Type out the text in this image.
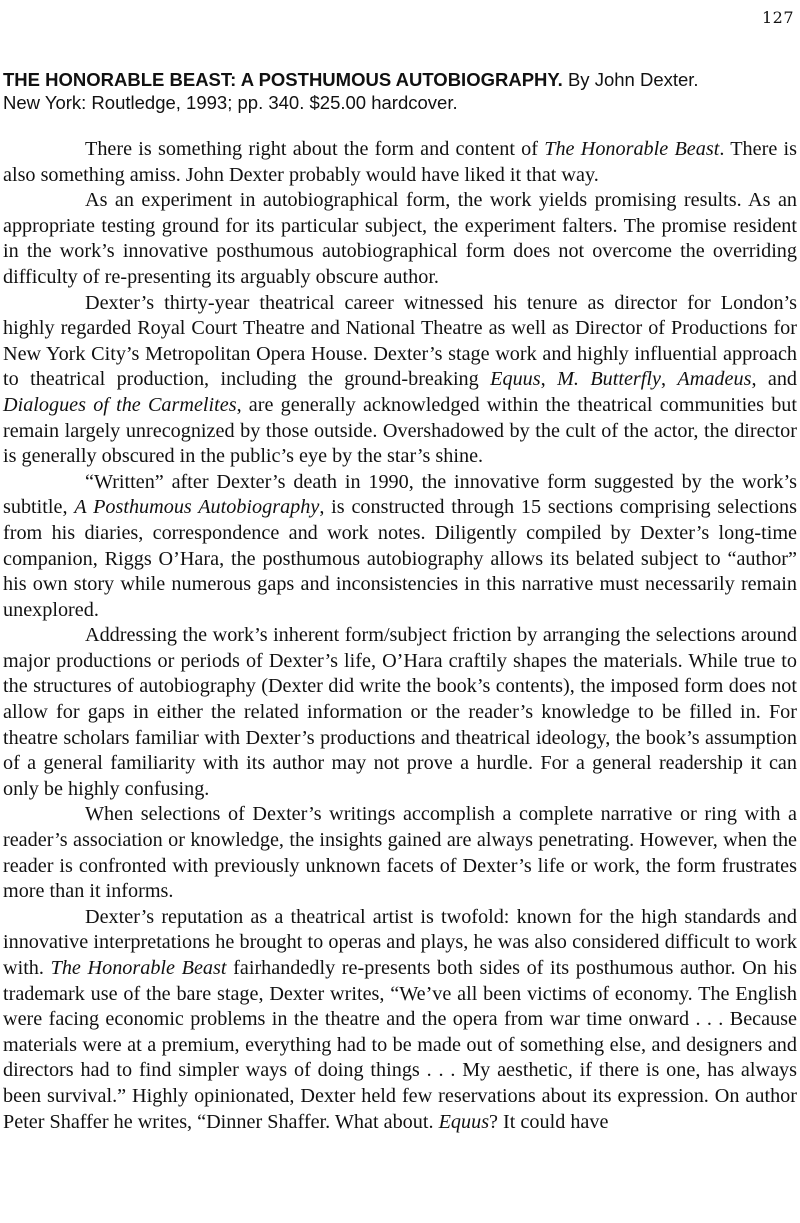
127
THE HONORABLE BEAST: A POSTHUMOUS AUTOBIOGRAPHY. By John Dexter.
New York: Routledge, 1993; pp. 340. $25.00 hardcover.

There is something right about the form and content of The Honorable Beast. There is also something amiss. John Dexter probably would have liked it that way.

As an experiment in autobiographical form, the work yields promising results. As an appropriate testing ground for its particular subject, the experiment falters. The promise resident in the work’s innovative posthumous autobiographical form does not overcome the overriding difficulty of re-presenting its arguably obscure author.

Dexter’s thirty-year theatrical career witnessed his tenure as director for London’s highly regarded Royal Court Theatre and National Theatre as well as Director of Productions for New York City’s Metropolitan Opera House. Dexter’s stage work and highly influential approach to theatrical production, including the ground-breaking Equus, M. Butterfly, Amadeus, and Dialogues of the Carmelites, are generally acknowledged within the theatrical communities but remain largely unrecognized by those outside. Overshadowed by the cult of the actor, the director is generally obscured in the public’s eye by the star’s shine.

“Written” after Dexter’s death in 1990, the innovative form suggested by the work’s subtitle, A Posthumous Autobiography, is constructed through 15 sections comprising selections from his diaries, correspondence and work notes. Diligently compiled by Dexter’s long-time companion, Riggs O’Hara, the posthumous autobiography allows its belated subject to “author” his own story while numerous gaps and inconsistencies in this narrative must necessarily remain unexplored.

Addressing the work’s inherent form/subject friction by arranging the selections around major productions or periods of Dexter’s life, O’Hara craftily shapes the materials. While true to the structures of autobiography (Dexter did write the book’s contents), the imposed form does not allow for gaps in either the related information or the reader’s knowledge to be filled in. For theatre scholars familiar with Dexter’s productions and theatrical ideology, the book’s assumption of a general familiarity with its author may not prove a hurdle. For a general readership it can only be highly confusing.

When selections of Dexter’s writings accomplish a complete narrative or ring with a reader’s association or knowledge, the insights gained are always penetrating. However, when the reader is confronted with previously unknown facets of Dexter’s life or work, the form frustrates more than it informs.

Dexter’s reputation as a theatrical artist is twofold: known for the high standards and innovative interpretations he brought to operas and plays, he was also considered difficult to work with. The Honorable Beast fairhandedly re-presents both sides of its posthumous author. On his trademark use of the bare stage, Dexter writes, “We’ve all been victims of economy. The English were facing economic problems in the theatre and the opera from war time onward . . . Because materials were at a premium, everything had to be made out of something else, and designers and directors had to find simpler ways of doing things . . . My aesthetic, if there is one, has always been survival.” Highly opinionated, Dexter held few reservations about its expression. On author Peter Shaffer he writes, “Dinner Shaffer. What about. Equus? It could have
